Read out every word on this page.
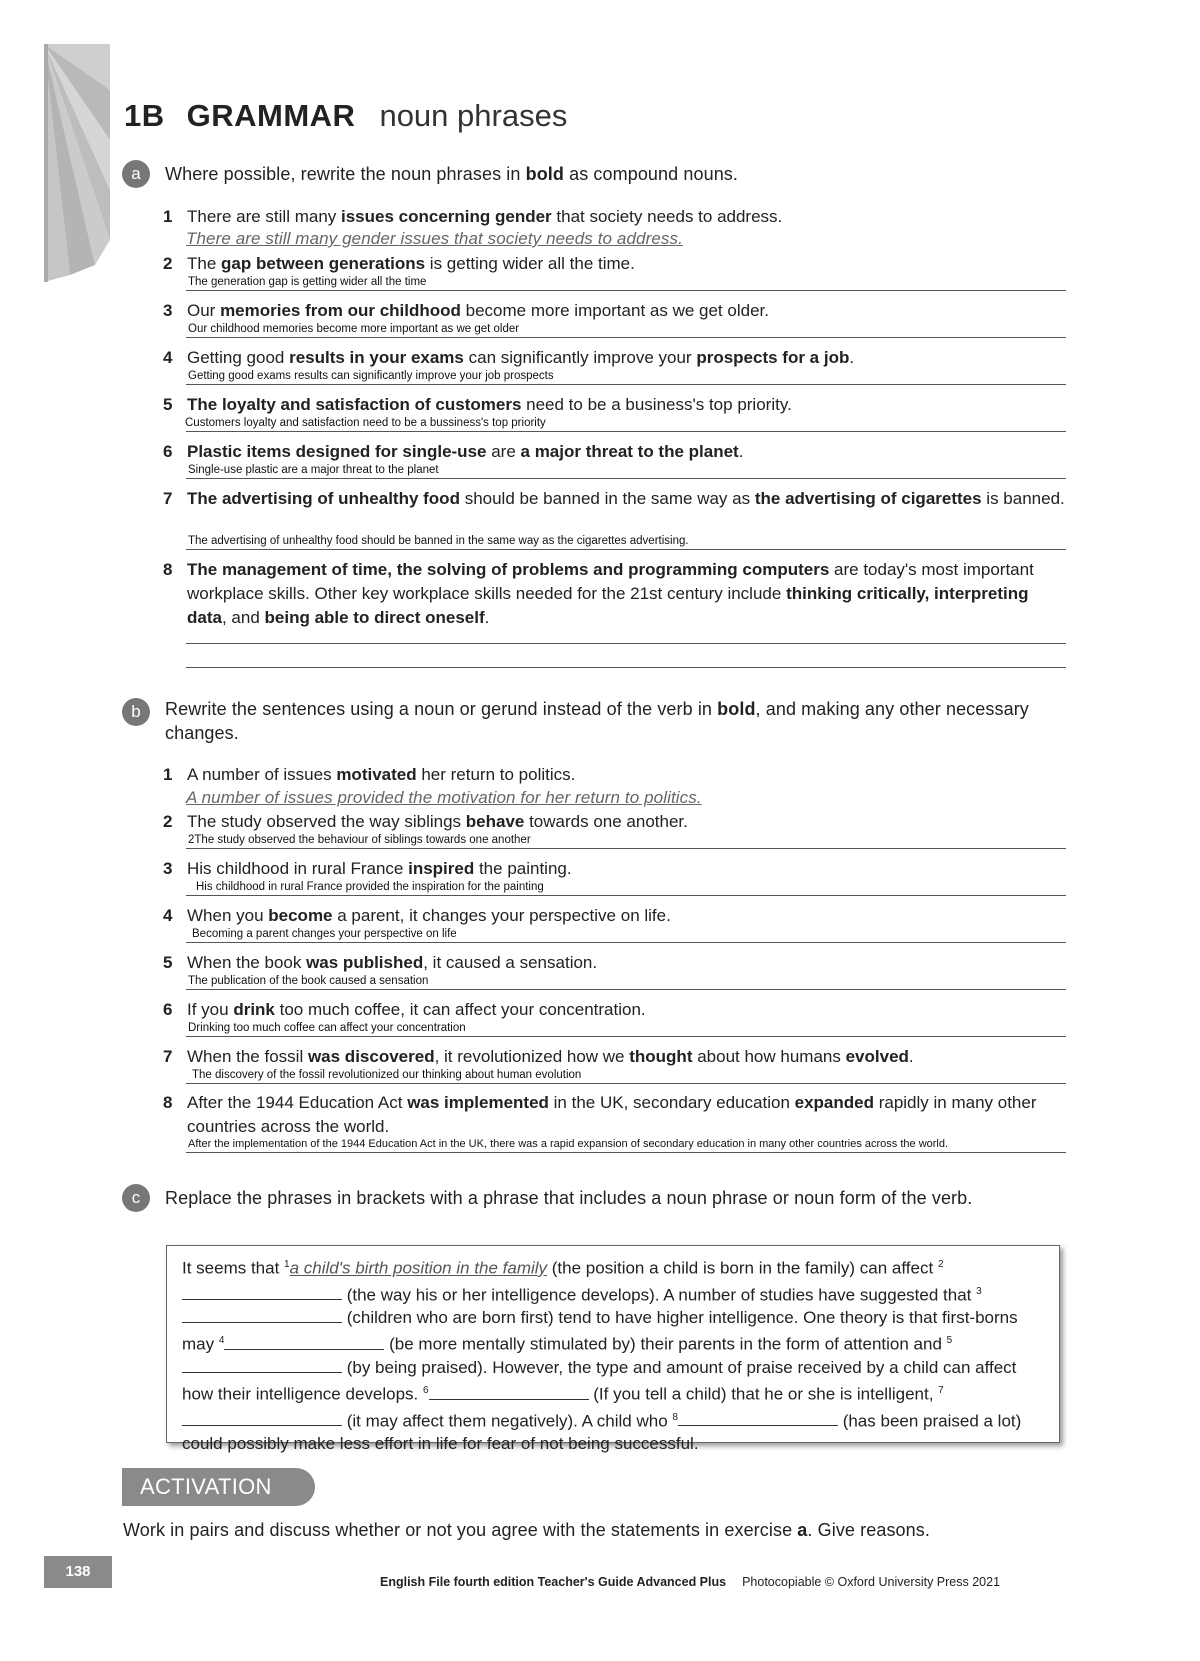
1B GRAMMAR noun phrases
a	Where possible, rewrite the noun phrases in bold as compound nouns.
1 There are still many issues concerning gender that society needs to address.
There are still many gender issues that society needs to address.
2 The gap between generations is getting wider all the time.
The generation gap is getting wider all the time
3 Our memories from our childhood become more important as we get older.
Our childhood memories become more important as we get older
4 Getting good results in your exams can significantly improve your prospects for a job.
Getting good exams results can significantly improve your job prospects
5 The loyalty and satisfaction of customers need to be a business's top priority.
Customers loyalty and satisfaction need to be a bussiness's top priority
6 Plastic items designed for single-use are a major threat to the planet.
Single-use plastic are a major threat to the planet
7 The advertising of unhealthy food should be banned in the same way as the advertising of cigarettes is banned.
The advertising of unhealthy food should be banned in the same way as the cigarettes advertising.
8 The management of time, the solving of problems and programming computers are today's most important workplace skills. Other key workplace skills needed for the 21st century include thinking critically, interpreting data, and being able to direct oneself.
b	Rewrite the sentences using a noun or gerund instead of the verb in bold, and making any other necessary changes.
1 A number of issues motivated her return to politics.
A number of issues provided the motivation for her return to politics.
2 The study observed the way siblings behave towards one another.
2The study observed the behaviour of siblings towards one another
3 His childhood in rural France inspired the painting.
His childhood in rural France provided the inspiration for the painting
4 When you become a parent, it changes your perspective on life.
Becoming a parent changes your perspective on life
5 When the book was published, it caused a sensation.
The publication of the book caused a sensation
6 If you drink too much coffee, it can affect your concentration.
Drinking too much coffee can affect your concentration
7 When the fossil was discovered, it revolutionized how we thought about how humans evolved.
The discovery of the fossil revolutionized our thinking about human evolution
8 After the 1944 Education Act was implemented in the UK, secondary education expanded rapidly in many other countries across the world.
After the implementation of the 1944 Education Act in the UK, there was a rapid expansion of secondary education in many other countries across the world.
c	Replace the phrases in brackets with a phrase that includes a noun phrase or noun form of the verb.

It seems that $^1$a child's birth position in the family (the position a child is born in the family) can affect $^2$ (the way his or her intelligence develops). A number of studies have suggested that $^3$ (children who are born first) tend to have higher intelligence. One theory is that first-borns may $^4$	(be more mentally stimulated by) their parents in the form of attention and $^5$ (by being praised). However, the type and amount of praise received by a child can affect how their intelligence develops. $^6$	(If you tell a child) that he or she is intelligent, $^7$ (it may affect them negatively). A child who $^8$	(has been praised a lot) could possibly make less effort in life for fear of not being successful.

ACTIVATION
Work in pairs and discuss whether or not you agree with the statements in exercise a. Give reasons.
138
English File fourth edition Teacher's Guide Advanced Plus Photocopiable © Oxford University Press 2021
